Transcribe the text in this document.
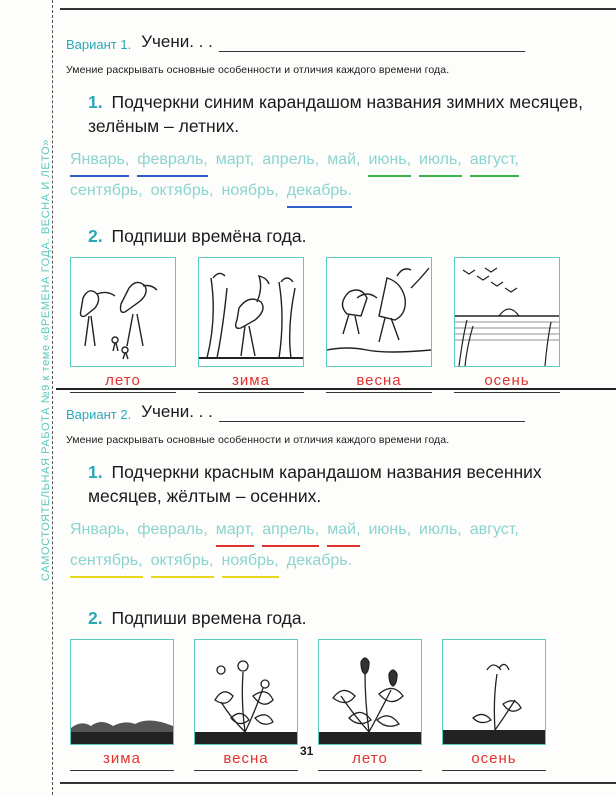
САМОСТОЯТЕЛЬНАЯ РАБОТА №9 к теме «ВРЕМЕНА ГОДА. ВЕСНА И ЛЕТО»
Вариант 1. Учени. . .
Умение раскрывать основные особенности и отличия каждого времени года.
1. Подчеркни синим карандашом названия зимних месяцев, зелёным – летних.
Январь, февраль, март, апрель, май, июнь, июль, август,сентябрь, октябрь, ноябрь, декабрь.
2. Подпиши времёна года.
лето	зима	весна	осень
Вариант 2. Учени. . .
Умение раскрывать основные особенности и отличия каждого времени года.
1. Подчеркни красным карандашом названия весенних месяцев, жёлтым – осенних.
Январь, февраль, март, апрель, май, июнь, июль, август,сентябрь, октябрь, ноябрь, декабрь.
2. Подпиши времена года.
зима	весна	лето	осень
31
